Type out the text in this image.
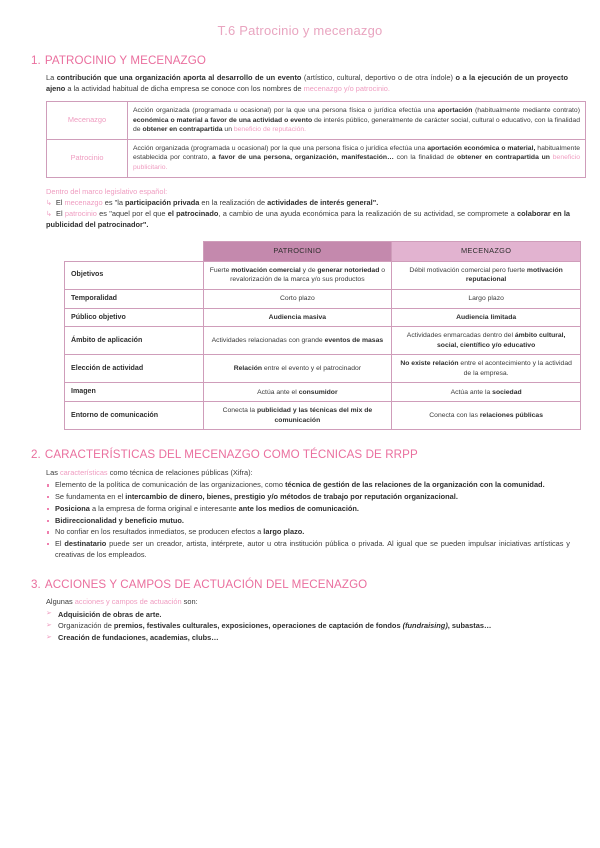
T.6 Patrocinio y mecenazgo
1. PATROCINIO Y MECENAZGO

La contribución que una organización aporta al desarrollo de un evento (artístico, cultural, deportivo o de otra índole) o a la ejecución de un proyecto ajeno a la actividad habitual de dicha empresa se conoce con los nombres de mecenazgo y/o patrocinio.

Mecenazgo	Acción organizada (programada u ocasional) por la que una persona física o jurídica efectúa una aportación (habitualmente mediante contrato) económica o material a favor de una actividad o evento de interés público, generalmente de carácter social, cultural o educativo, con la finalidad de obtener en contrapartida un beneficio de reputación.
Patrocinio	Acción organizada (programada u ocasional) por la que una persona física o jurídica efectúa una aportación económica o material, habitualmente establecida por contrato, a favor de una persona, organización, manifestación… con la finalidad de obtener en contrapartida un beneficio publicitario.
Dentro del marco legislativo español:

↳ El mecenazgo es "la participación privada en la realización de actividades de interés general".

↳ El patrocinio es "aquel por el que el patrocinado, a cambio de una ayuda económica para la realización de su actividad, se compromete a colaborar en la publicidad del patrocinador".

	PATROCINIO	MECENAZGO
Objetivos	Fuerte motivación comercial y de generar notoriedad o revalorización de la marca y/o sus productos	Débil motivación comercial pero fuerte motivación reputacional
Temporalidad	Corto plazo	Largo plazo
Público objetivo	Audiencia masiva	Audiencia limitada
Ámbito de aplicación	Actividades relacionadas con grande eventos de masas	Actividades enmarcadas dentro del ámbito cultural, social, científico y/o educativo
Elección de actividad	Relación entre el evento y el patrocinador	No existe relación entre el acontecimiento y la actividad de la empresa.
Imagen	Actúa ante el consumidor	Actúa ante la sociedad
Entorno de comunicación	Conecta la publicidad y las técnicas del mix de comunicación	Conecta con las relaciones públicas
2. CARACTERÍSTICAS DEL MECENAZGO COMO TÉCNICAS DE RRPP

Las características como técnica de relaciones públicas (Xifra):

Elemento de la política de comunicación de las organizaciones, como técnica de gestión de las relaciones de la organización con la comunidad.
Se fundamenta en el intercambio de dinero, bienes, prestigio y/o métodos de trabajo por reputación organizacional.
Posiciona a la empresa de forma original e interesante ante los medios de comunicación.
Bidireccionalidad y beneficio mutuo.
No confiar en los resultados inmediatos, se producen efectos a largo plazo.
El destinatario puede ser un creador, artista, intérprete, autor u otra institución pública o privada. Al igual que se pueden impulsar iniciativas artísticas y creativas de los empleados.
3. ACCIONES Y CAMPOS DE ACTUACIÓN DEL MECENAZGO

Algunas acciones y campos de actuación son:

➢ Adquisición de obras de arte.
➢ Organización de premios, festivales culturales, exposiciones, operaciones de captación de fondos (fundraising), subastas…
➢ Creación de fundaciones, academias, clubs…
